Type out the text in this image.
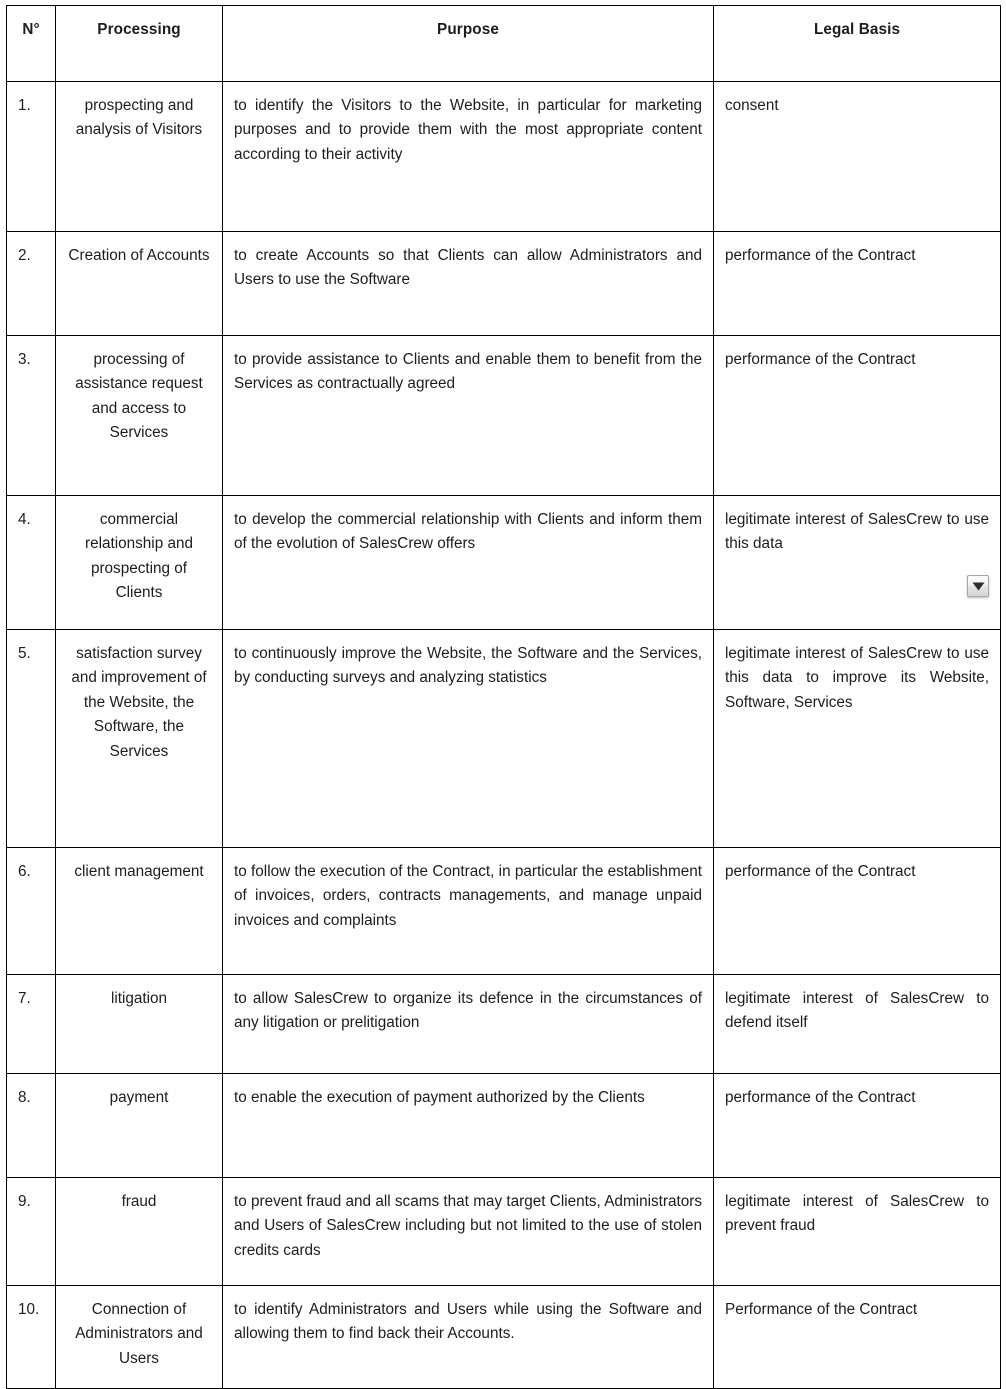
N°	Processing	Purpose	Legal Basis
1.	prospecting and analysis of Visitors	to identify the Visitors to the Website, in particular for marketing purposes and to provide them with the most appropriate content according to their activity	consent
2.	Creation of Accounts	to create Accounts so that Clients can allow Administrators and Users to use the Software	performance of the Contract
3.	processing of assistance request and access to Services	to provide assistance to Clients and enable them to benefit from the Services as contractually agreed	performance of the Contract
4.	commercial relationship and prospecting of Clients	to develop the commercial relationship with Clients and inform them of the evolution of SalesCrew offers	legitimate interest of SalesCrew to use this data
5.	satisfaction survey and improvement of the Website, the Software, the Services	to continuously improve the Website, the Software and the Services, by conducting surveys and analyzing statistics	legitimate interest of SalesCrew to use this data to improve its Website, Software, Services
6.	client management	to follow the execution of the Contract, in particular the establishment of invoices, orders, contracts managements, and manage unpaid invoices and complaints	performance of the Contract
7.	litigation	to allow SalesCrew to organize its defence in the circumstances of any litigation or prelitigation	legitimate interest of SalesCrew to defend itself
8.	payment	to enable the execution of payment authorized by the Clients	performance of the Contract
9.	fraud	to prevent fraud and all scams that may target Clients, Administrators and Users of SalesCrew including but not limited to the use of stolen credits cards	legitimate interest of SalesCrew to prevent fraud
10.	Connection of Administrators and Users	to identify Administrators and Users while using the Software and allowing them to find back their Accounts.	Performance of the Contract
